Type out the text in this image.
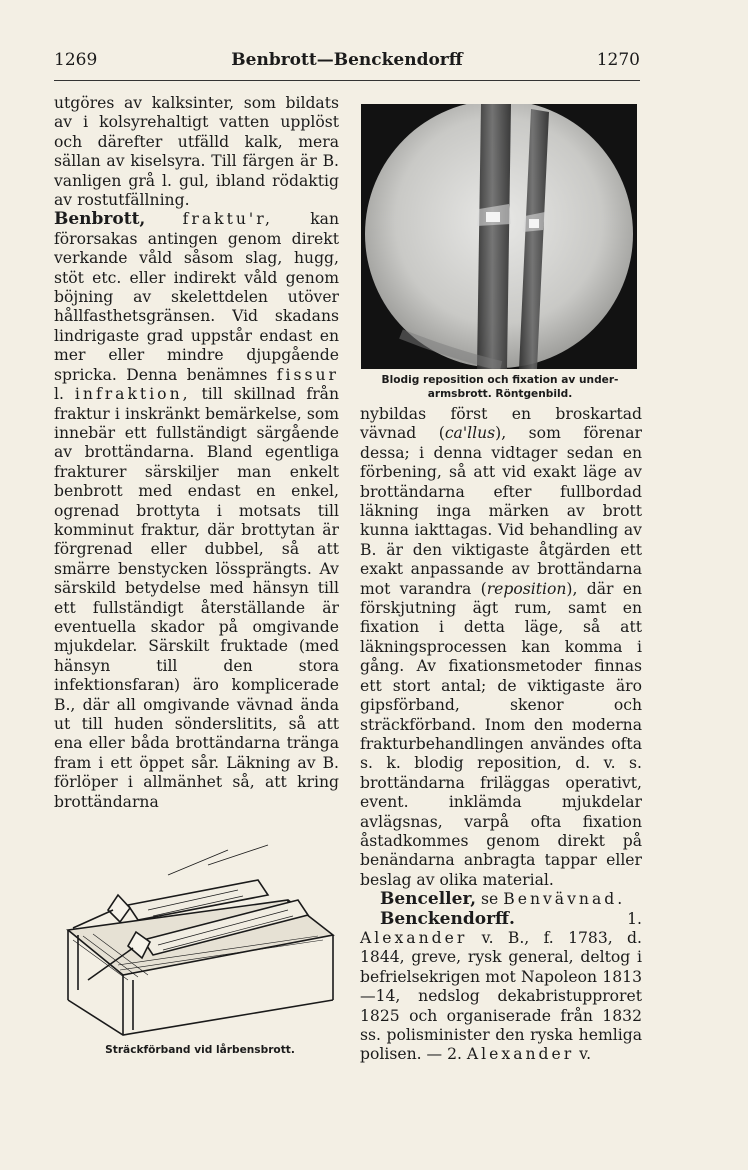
1269	Benbrott—Benckendorff	1270

utgöres av kalksinter, som bildats av i kolsyrehaltigt vatten upplöst och därefter utfälld kalk, mera sällan av kiselsyra. Till färgen är B. vanligen grå l. gul, ibland rödaktig av rostutfällning.

Benbrott, fraktu'r, kan förorsakas antingen genom direkt verkande våld såsom slag, hugg, stöt etc. eller indirekt våld genom böjning av skelettdelen utöver hållfasthetsgränsen. Vid skadans lindrigaste grad uppstår endast en mer eller mindre djupgående spricka. Denna benämnes fissur l. infraktion, till skillnad från fraktur i inskränkt bemärkelse, som innebär ett fullständigt särgående av brottändarna. Bland egentliga frakturer särskiljer man enkelt benbrott med endast en enkel, ogrenad brottyta i motsats till komminut fraktur, där brottytan är förgrenad eller dubbel, så att smärre benstycken lössprängts. Av särskild betydelse med hänsyn till ett fullständigt återställande är eventuella skador på omgivande mjukdelar. Särskilt fruktade (med hänsyn till den stora infektionsfaran) äro komplicerade B., där all omgivande vävnad ända ut till huden sönderslitits, så att ena eller båda brottändarna tränga fram i ett öppet sår. Läkning av B. förlöper i allmänhet så, att kring brottändarna

Blodig reposition och fixation av under-
armsbrott. Röntgenbild.

nybildas först en broskartad vävnad (ca'llus), som förenar dessa; i denna vidtager sedan en förbening, så att vid exakt läge av brottändarna efter fullbordad läkning inga märken av brott kunna iakttagas. Vid behandling av B. är den viktigaste åtgärden ett exakt anpassande av brottändarna mot varandra (reposition), där en förskjutning ägt rum, samt en fixation i detta läge, så att läkningsprocessen kan komma i gång. Av fixationsmetoder finnas ett stort antal; de viktigaste äro gipsförband, skenor och sträckförband. Inom den moderna frakturbehandlingen användes ofta s. k. blodig reposition, d. v. s. brottändarna friläggas operativt, event. inklämda mjukdelar avlägsnas, varpå ofta fixation åstadkommes genom direkt på benändarna anbragta tappar eller beslag av olika material.

Benceller, se Benvävnad.

Benckendorff. 1. Alexander v. B., f. 1783, d. 1844, greve, rysk general, deltog i befrielsekrigen mot Napoleon 1813—14, nedslog dekabristupproret 1825 och organiserade från 1832 ss. polisminister den ryska hemliga polisen. — 2. Alexander v.

Sträckförband vid lårbensbrott.
